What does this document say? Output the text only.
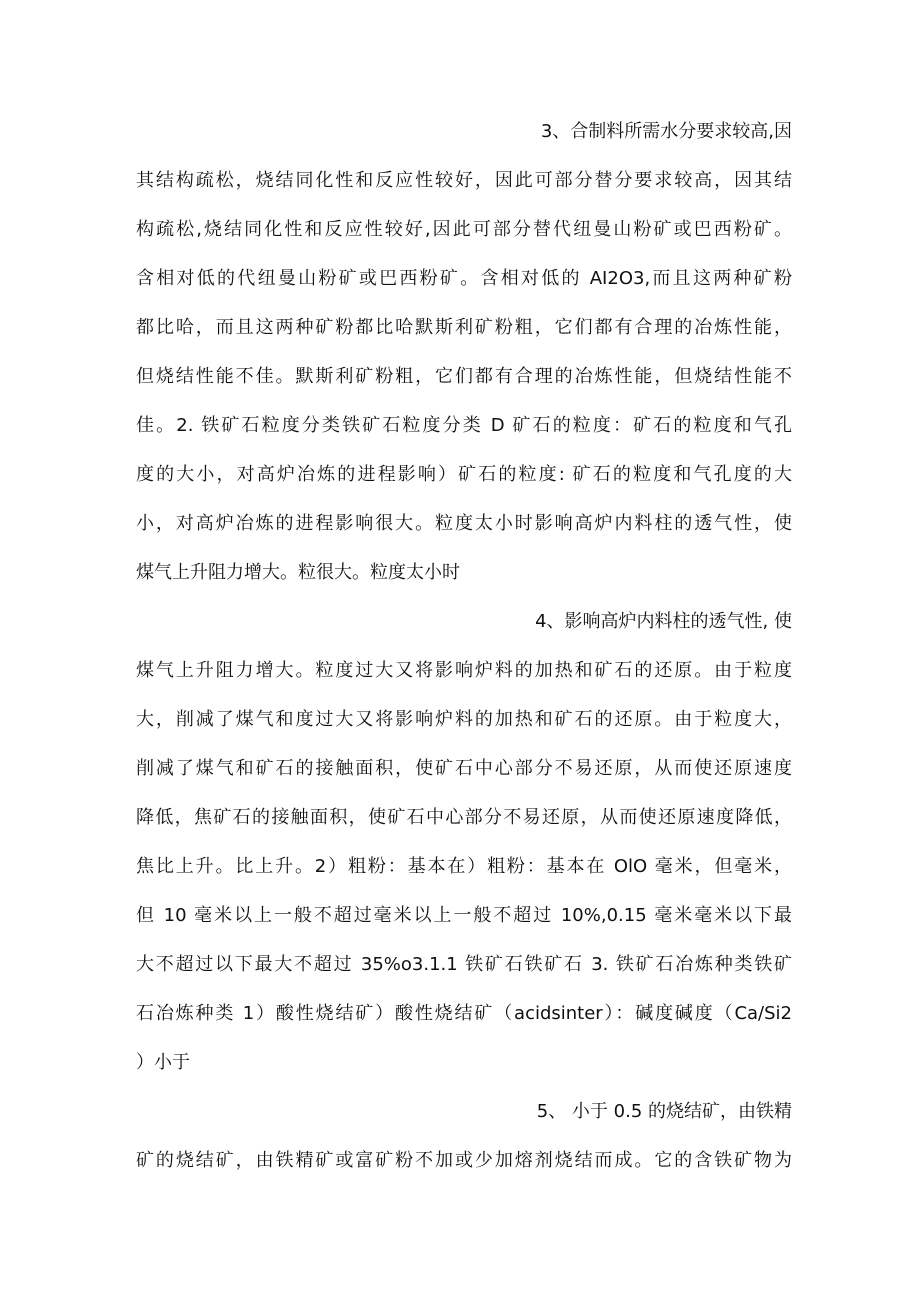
3、合制料所需水分要求较高,因
其结构疏松，烧结同化性和反应性较好，因此可部分替分要求较高，因其结
构疏松,烧结同化性和反应性较好,因此可部分替代纽曼山粉矿或巴西粉矿。
含相对低的代纽曼山粉矿或巴西粉矿。含相对低的 AI2O3,而且这两种矿粉
都比哈，而且这两种矿粉都比哈默斯利矿粉粗，它们都有合理的冶炼性能，
但烧结性能不佳。默斯利矿粉粗，它们都有合理的冶炼性能，但烧结性能不
佳。2. 铁矿石粒度分类铁矿石粒度分类 D 矿石的粒度：矿石的粒度和气孔
度的大小，对高炉冶炼的进程影响）矿石的粒度: 矿石的粒度和气孔度的大
小，对高炉冶炼的进程影响很大。粒度太小时影响高炉内料柱的透气性，使
煤气上升阻力增大。粒很大。粒度太小时
4、影响高炉内料柱的透气性, 使
煤气上升阻力增大。粒度过大又将影响炉料的加热和矿石的还原。由于粒度
大，削减了煤气和度过大又将影响炉料的加热和矿石的还原。由于粒度大，
削减了煤气和矿石的接触面积，使矿石中心部分不易还原，从而使还原速度
降低，焦矿石的接触面积，使矿石中心部分不易还原，从而使还原速度降低，
焦比上升。比上升。2）粗粉：基本在）粗粉：基本在 OlO 毫米，但毫米，
但 10 毫米以上一般不超过毫米以上一般不超过 10%,0.15 毫米毫米以下最
大不超过以下最大不超过 35%o3.1.1 铁矿石铁矿石 3. 铁矿石冶炼种类铁矿
石冶炼种类 1）酸性烧结矿）酸性烧结矿（acidsinter）：碱度碱度（Ca/Si2
）小于
5、 小于 0.5 的烧结矿，由铁精
矿的烧结矿，由铁精矿或富矿粉不加或少加熔剂烧结而成。它的含铁矿物为
